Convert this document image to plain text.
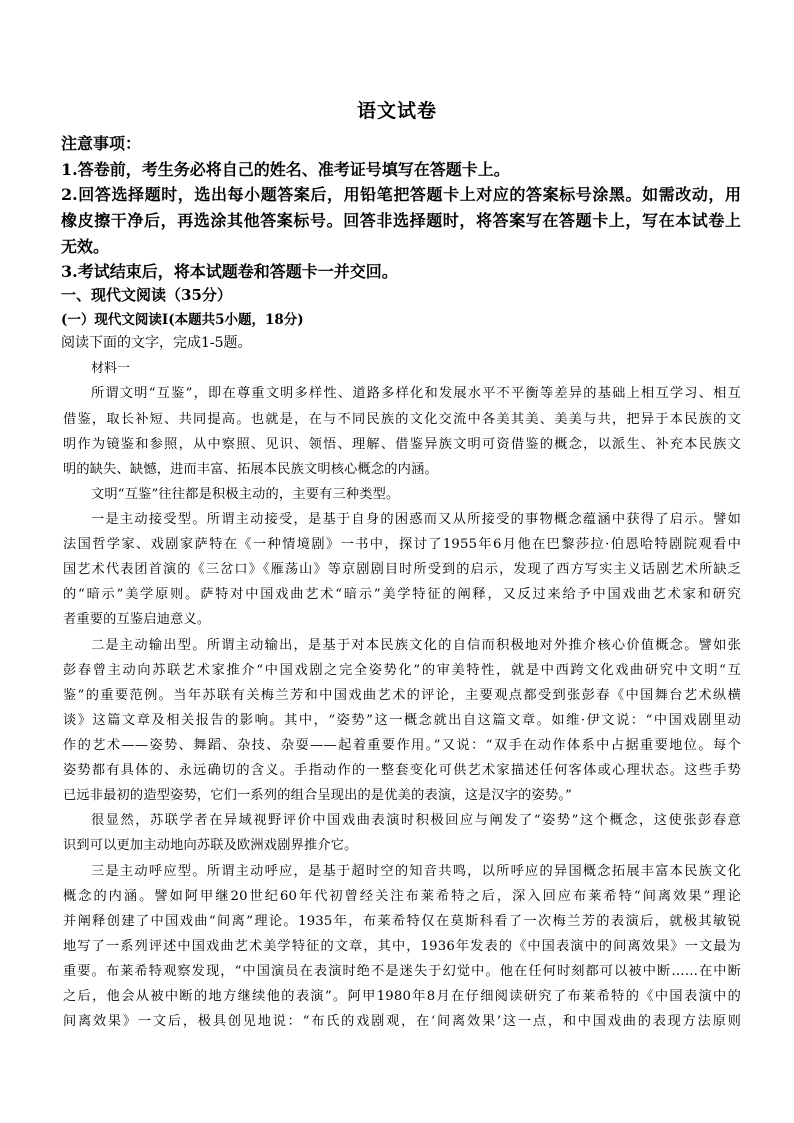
语文试卷
注意事项：
1.答卷前，考生务必将自己的姓名、准考证号填写在答题卡上。
2.回答选择题时，选出每小题答案后，用铅笔把答题卡上对应的答案标号涂黑。如需改动，用
橡皮擦干净后，再选涂其他答案标号。回答非选择题时，将答案写在答题卡上，写在本试卷上
无效。
3.考试结束后，将本试题卷和答题卡一并交回。
一、现代文阅读（35分）
(一）现代文阅读Ⅰ(本题共5小题，18分)
阅读下面的文字，完成1-5题。
材料一
所谓文明“互鉴”，即在尊重文明多样性、道路多样化和发展水平不平衡等差异的基础上相互学习、相互
借鉴，取长补短、共同提高。也就是，在与不同民族的文化交流中各美其美、美美与共，把异于本民族的文
明作为镜鉴和参照，从中察照、见识、领悟、理解、借鉴异族文明可资借鉴的概念，以派生、补充本民族文
明的缺失、缺憾，进而丰富、拓展本民族文明核心概念的内涵。
文明“互鉴”往往都是积极主动的，主要有三种类型。
一是主动接受型。所谓主动接受，是基于自身的困惑而又从所接受的事物概念蕴涵中获得了启示。譬如
法国哲学家、戏剧家萨特在《一种情境剧》一书中，探讨了1955年6月他在巴黎莎拉·伯恩哈特剧院观看中
国艺术代表团首演的《三岔口》《雁荡山》等京剧剧目时所受到的启示，发现了西方写实主义话剧艺术所缺乏
的“暗示”美学原则。萨特对中国戏曲艺术“暗示”美学特征的阐释，又反过来给予中国戏曲艺术家和研究
者重要的互鉴启迪意义。
二是主动输出型。所谓主动输出，是基于对本民族文化的自信而积极地对外推介核心价值概念。譬如张
彭春曾主动向苏联艺术家推介“中国戏剧之完全姿势化”的审美特性，就是中西跨文化戏曲研究中文明“互
鉴”的重要范例。当年苏联有关梅兰芳和中国戏曲艺术的评论，主要观点都受到张彭春《中国舞台艺术纵横
谈》这篇文章及相关报告的影响。其中，“姿势”这一概念就出自这篇文章。如维·伊文说：“中国戏剧里动
作的艺术——姿势、舞蹈、杂技、杂耍——起着重要作用。”又说：“双手在动作体系中占据重要地位。每个
姿势都有具体的、永远确切的含义。手指动作的一整套变化可供艺术家描述任何客体或心理状态。这些手势
已远非最初的造型姿势，它们一系列的组合呈现出的是优美的表演，这是汉字的姿势。”
很显然，苏联学者在异域视野评价中国戏曲表演时积极回应与阐发了“姿势”这个概念，这使张彭春意
识到可以更加主动地向苏联及欧洲戏剧界推介它。
三是主动呼应型。所谓主动呼应，是基于超时空的知音共鸣，以所呼应的异国概念拓展丰富本民族文化
概念的内涵。譬如阿甲继20世纪60年代初曾经关注布莱希特之后，深入回应布莱希特“间离效果”理论
并阐释创建了中国戏曲“间离”理论。1935年，布莱希特仅在莫斯科看了一次梅兰芳的表演后，就极其敏锐
地写了一系列评述中国戏曲艺术美学特征的文章，其中，1936年发表的《中国表演中的间离效果》一文最为
重要。布莱希特观察发现，“中国演员在表演时绝不是迷失于幻觉中。他在任何时刻都可以被中断……在中断
之后，他会从被中断的地方继续他的表演”。阿甲1980年8月在仔细阅读研究了布莱希特的《中国表演中的
间离效果》一文后，极具创见地说：“布氏的戏剧观，在‘间离效果’这一点，和中国戏曲的表现方法原则
